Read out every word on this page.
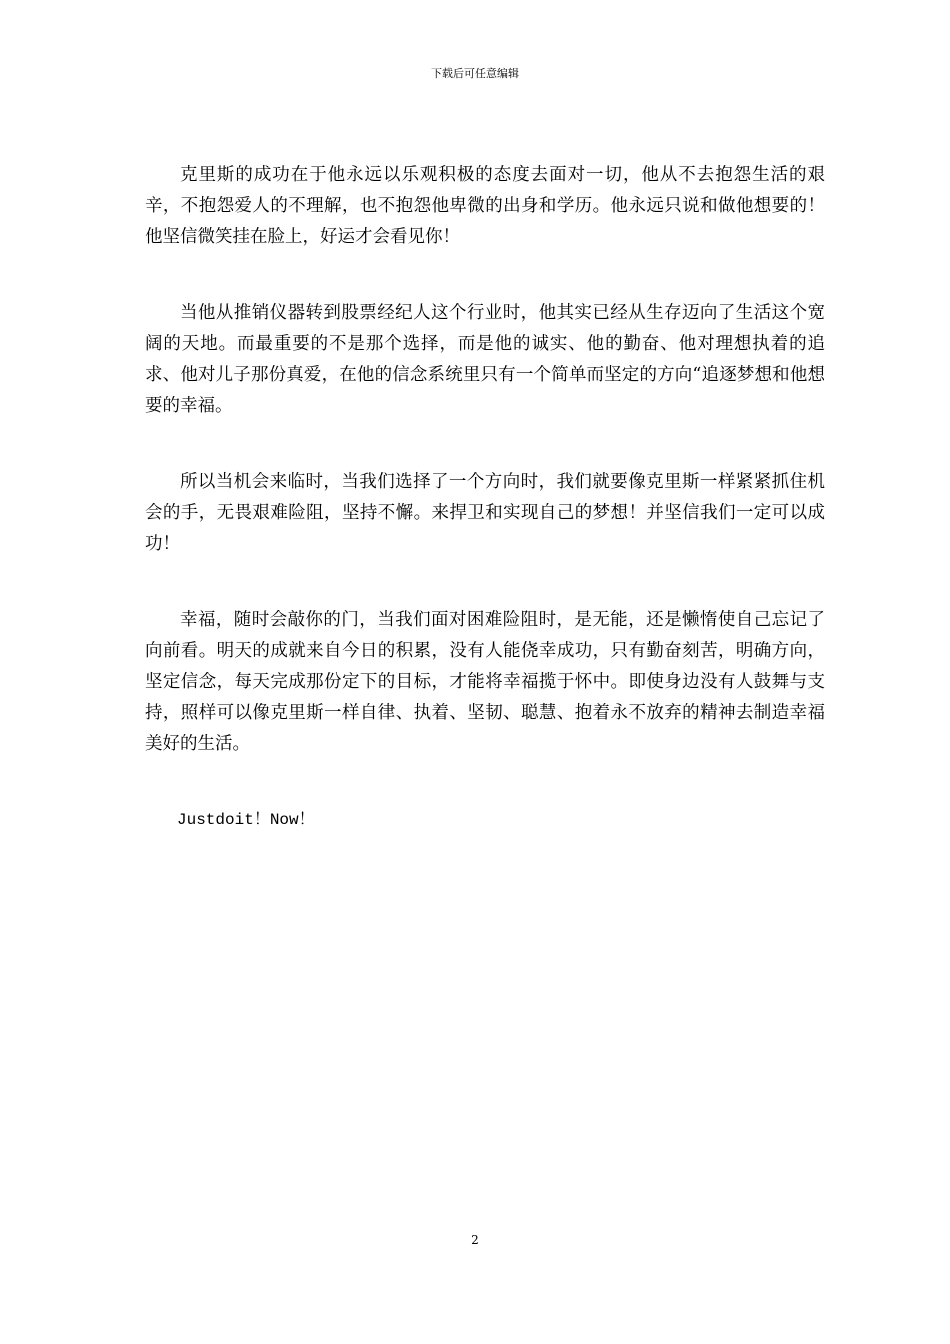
下载后可任意编辑

克里斯的成功在于他永远以乐观积极的态度去面对一切，他从不去抱怨生活的艰辛，不抱怨爱人的不理解，也不抱怨他卑微的出身和学历。他永远只说和做他想要的！他坚信微笑挂在脸上，好运才会看见你！

当他从推销仪器转到股票经纪人这个行业时，他其实已经从生存迈向了生活这个宽阔的天地。而最重要的不是那个选择，而是他的诚实、他的勤奋、他对理想执着的追求、他对儿子那份真爱，在他的信念系统里只有一个简单而坚定的方向“追逐梦想和他想要的幸福。

所以当机会来临时，当我们选择了一个方向时，我们就要像克里斯一样紧紧抓住机会的手，无畏艰难险阻，坚持不懈。来捍卫和实现自己的梦想！并坚信我们一定可以成功！

幸福，随时会敲你的门，当我们面对困难险阻时，是无能，还是懒惰使自己忘记了向前看。明天的成就来自今日的积累，没有人能侥幸成功，只有勤奋刻苦，明确方向，坚定信念，每天完成那份定下的目标，才能将幸福揽于怀中。即使身边没有人鼓舞与支持，照样可以像克里斯一样自律、执着、坚韧、聪慧、抱着永不放弃的精神去制造幸福美好的生活。

Justdoit！Now！

2
